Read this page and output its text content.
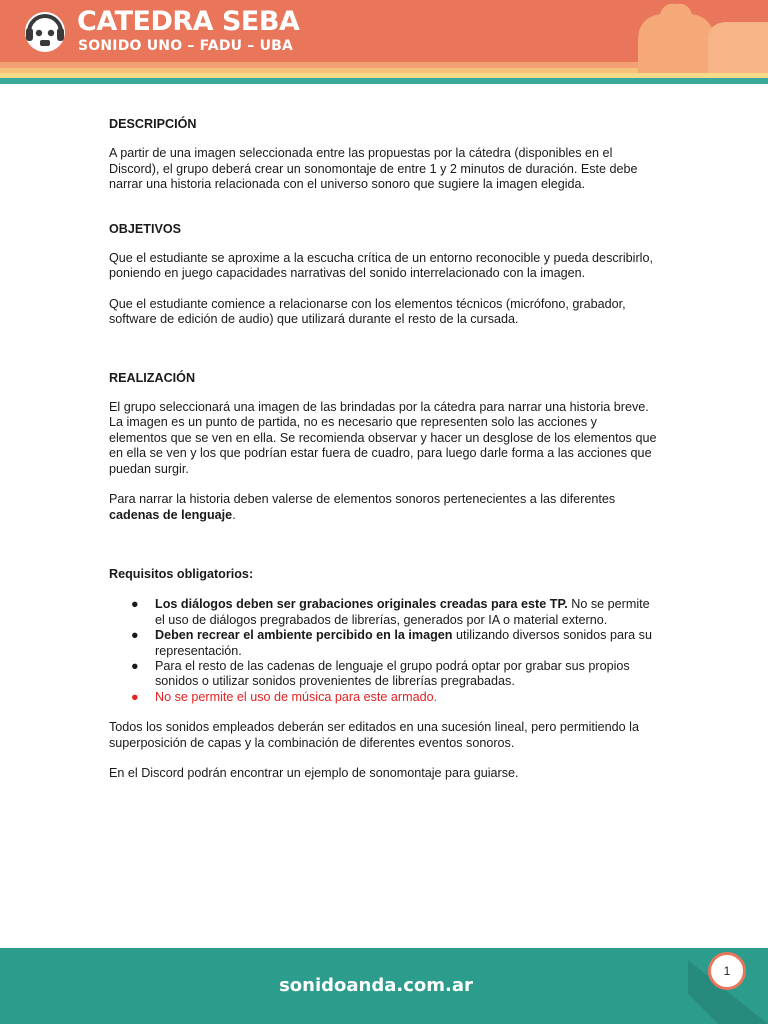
CATEDRA SEBA
SONIDO UNO – FADU – UBA
DESCRIPCIÓN

A partir de una imagen seleccionada entre las propuestas por la cátedra (disponibles en el Discord), el grupo deberá crear un sonomontaje de entre 1 y 2 minutos de duración. Este debe narrar una historia relacionada con el universo sonoro que sugiere la imagen elegida.

OBJETIVOS

Que el estudiante se aproxime a la escucha crítica de un entorno reconocible y pueda describirlo, poniendo en juego capacidades narrativas del sonido interrelacionado con la imagen.

Que el estudiante comience a relacionarse con los elementos técnicos (micrófono, grabador, software de edición de audio) que utilizará durante el resto de la cursada.

REALIZACIÓN

El grupo seleccionará una imagen de las brindadas por la cátedra para narrar una historia breve. La imagen es un punto de partida, no es necesario que representen solo las acciones y elementos que se ven en ella. Se recomienda observar y hacer un desglose de los elementos que en ella se ven y los que podrían estar fuera de cuadro, para luego darle forma a las acciones que puedan surgir.

Para narrar la historia deben valerse de elementos sonoros pertenecientes a las diferentes cadenas de lenguaje.

Requisitos obligatorios:
● Los diálogos deben ser grabaciones originales creadas para este TP. No se permite el uso de diálogos pregrabados de librerías, generados por IA o material externo.
● Deben recrear el ambiente percibido en la imagen utilizando diversos sonidos para su representación.
● Para el resto de las cadenas de lenguaje el grupo podrá optar por grabar sus propios sonidos o utilizar sonidos provenientes de librerías pregrabadas.
● No se permite el uso de música para este armado.

Todos los sonidos empleados deberán ser editados en una sucesión lineal, pero permitiendo la superposición de capas y la combinación de diferentes eventos sonoros.

En el Discord podrán encontrar un ejemplo de sonomontaje para guiarse.

sonidoanda.com.ar
1
